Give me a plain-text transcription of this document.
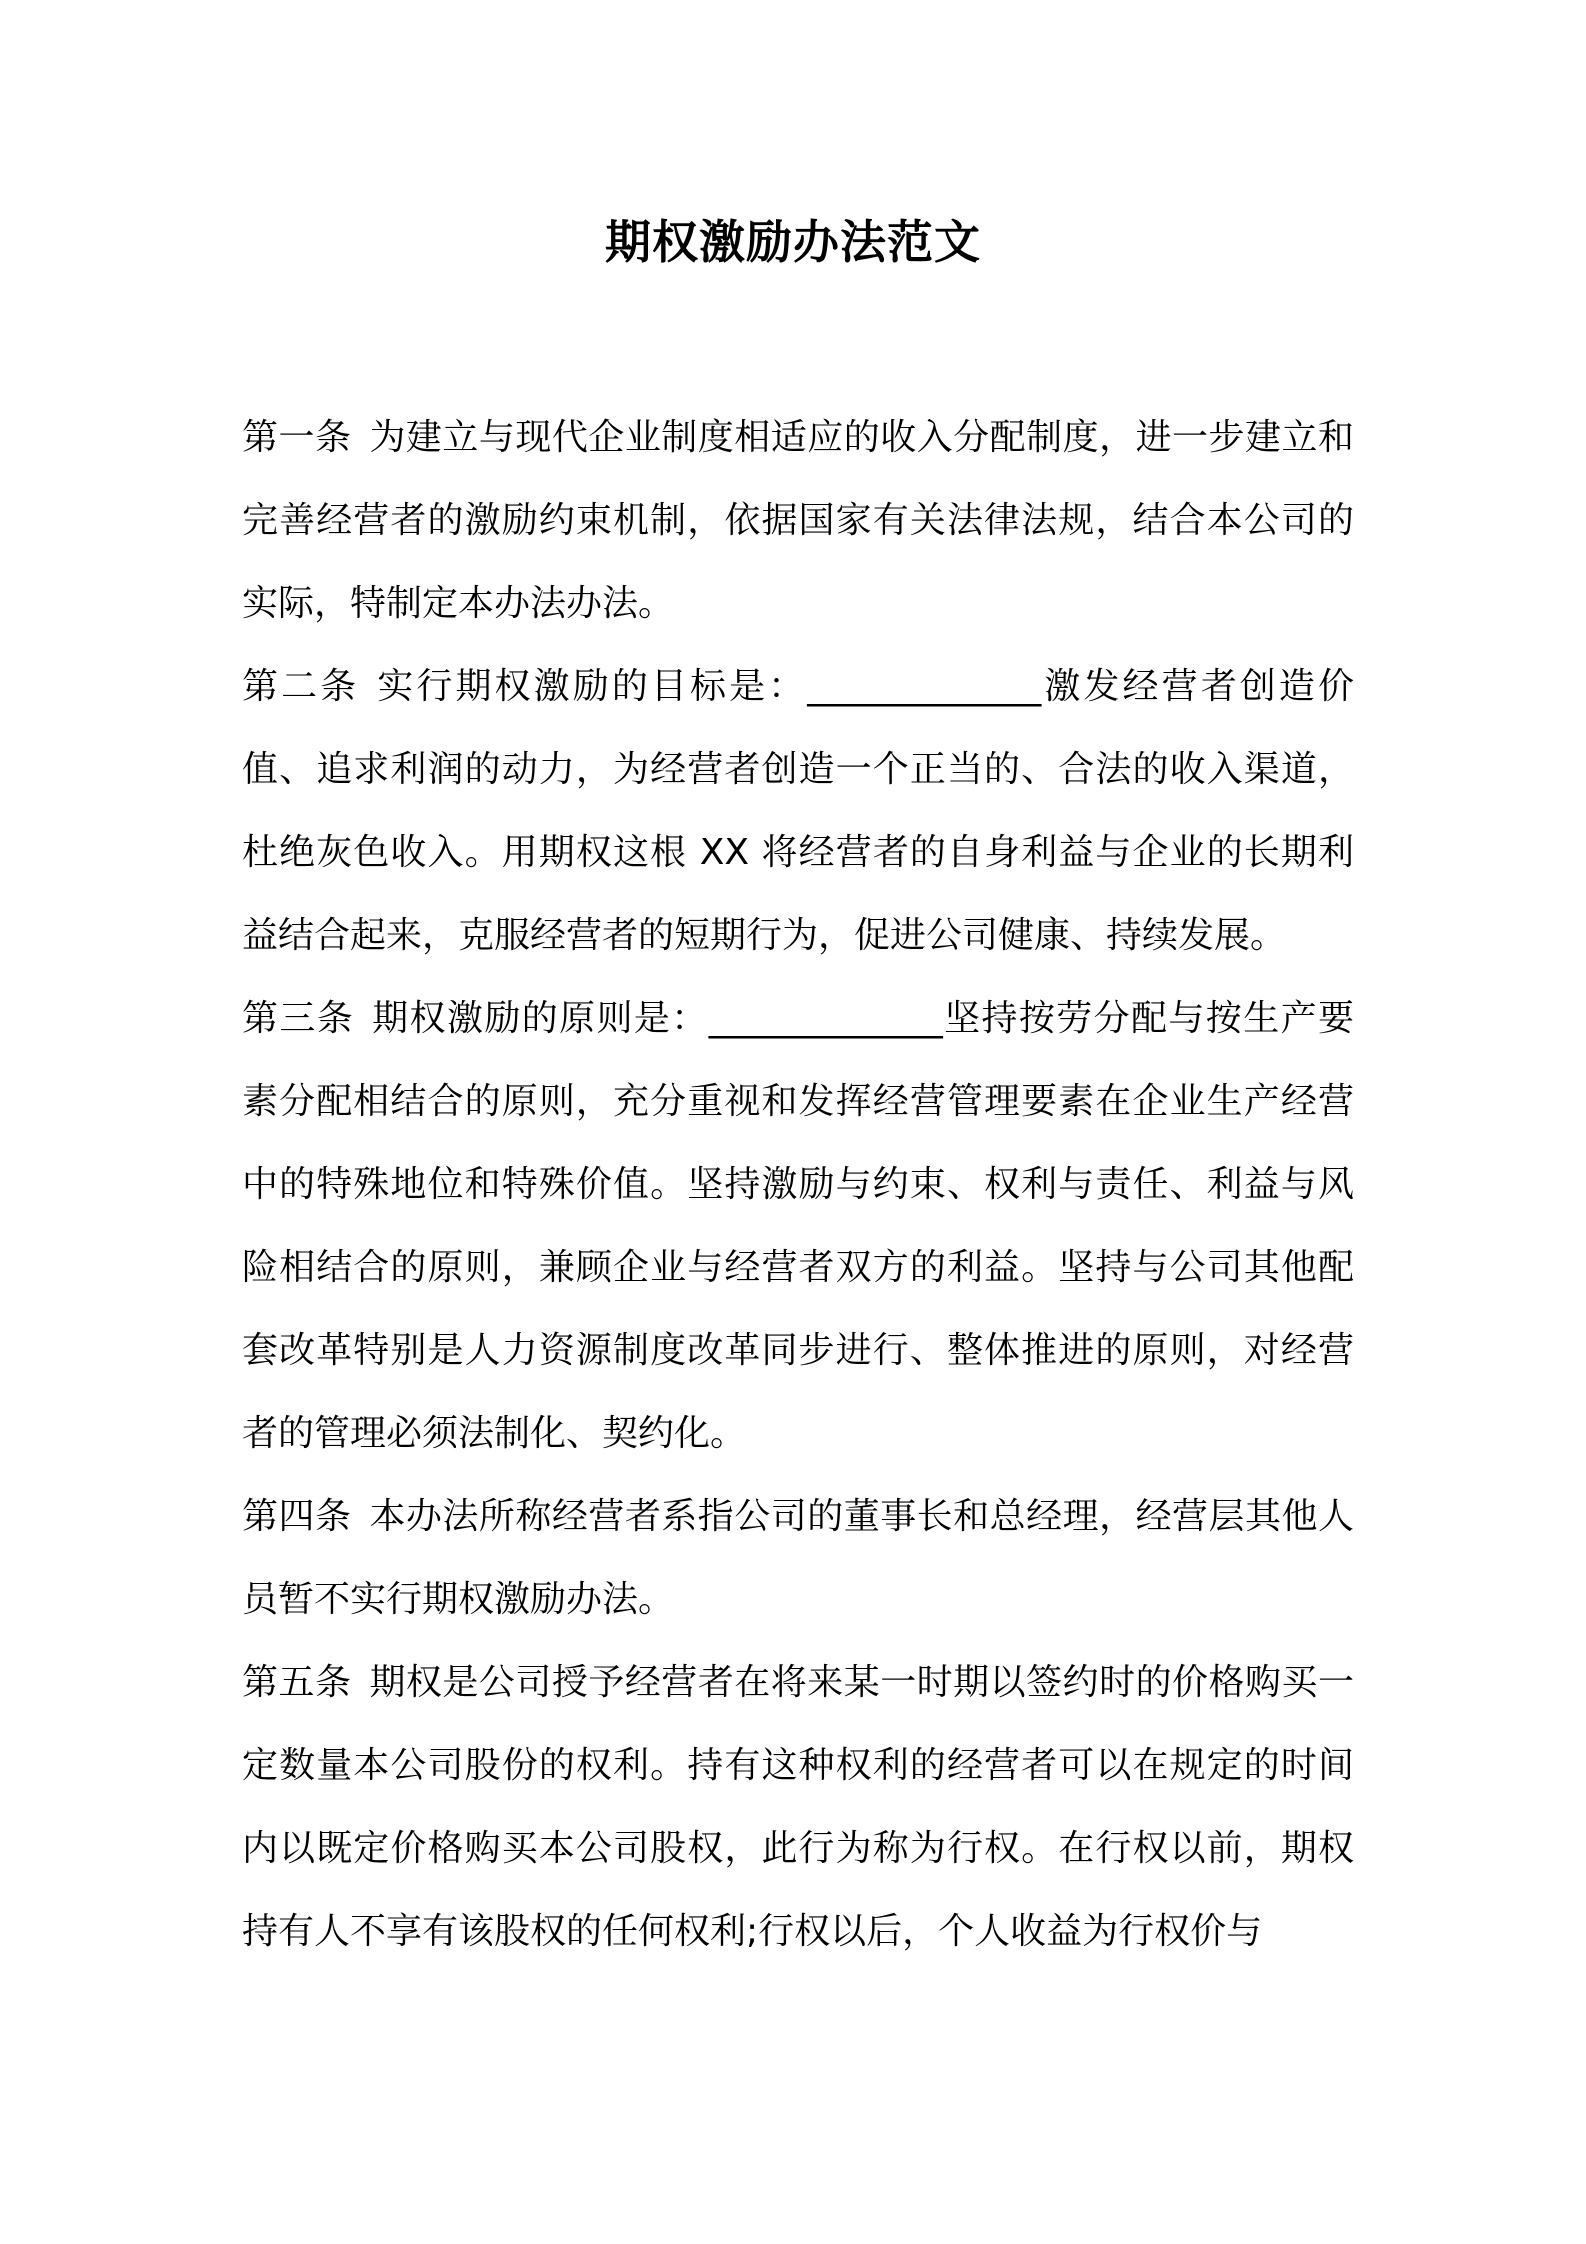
期权激励办法范文

第一条 为建立与现代企业制度相适应的收入分配制度，进一步建立和完善经营者的激励约束机制，依据国家有关法律法规，结合本公司的实际，特制定本办法办法。

第二条 实行期权激励的目标是：_____________激发经营者创造价值、追求利润的动力，为经营者创造一个正当的、合法的收入渠道，杜绝灰色收入。用期权这根 XX 将经营者的自身利益与企业的长期利益结合起来，克服经营者的短期行为，促进公司健康、持续发展。

第三条 期权激励的原则是：_____________坚持按劳分配与按生产要素分配相结合的原则，充分重视和发挥经营管理要素在企业生产经营中的特殊地位和特殊价值。坚持激励与约束、权利与责任、利益与风险相结合的原则，兼顾企业与经营者双方的利益。坚持与公司其他配套改革特别是人力资源制度改革同步进行、整体推进的原则，对经营者的管理必须法制化、契约化。

第四条 本办法所称经营者系指公司的董事长和总经理，经营层其他人员暂不实行期权激励办法。

第五条 期权是公司授予经营者在将来某一时期以签约时的价格购买一定数量本公司股份的权利。持有这种权利的经营者可以在规定的时间内以既定价格购买本公司股权，此行为称为行权。在行权以前，期权持有人不享有该股权的任何权利;行权以后，个人收益为行权价与
